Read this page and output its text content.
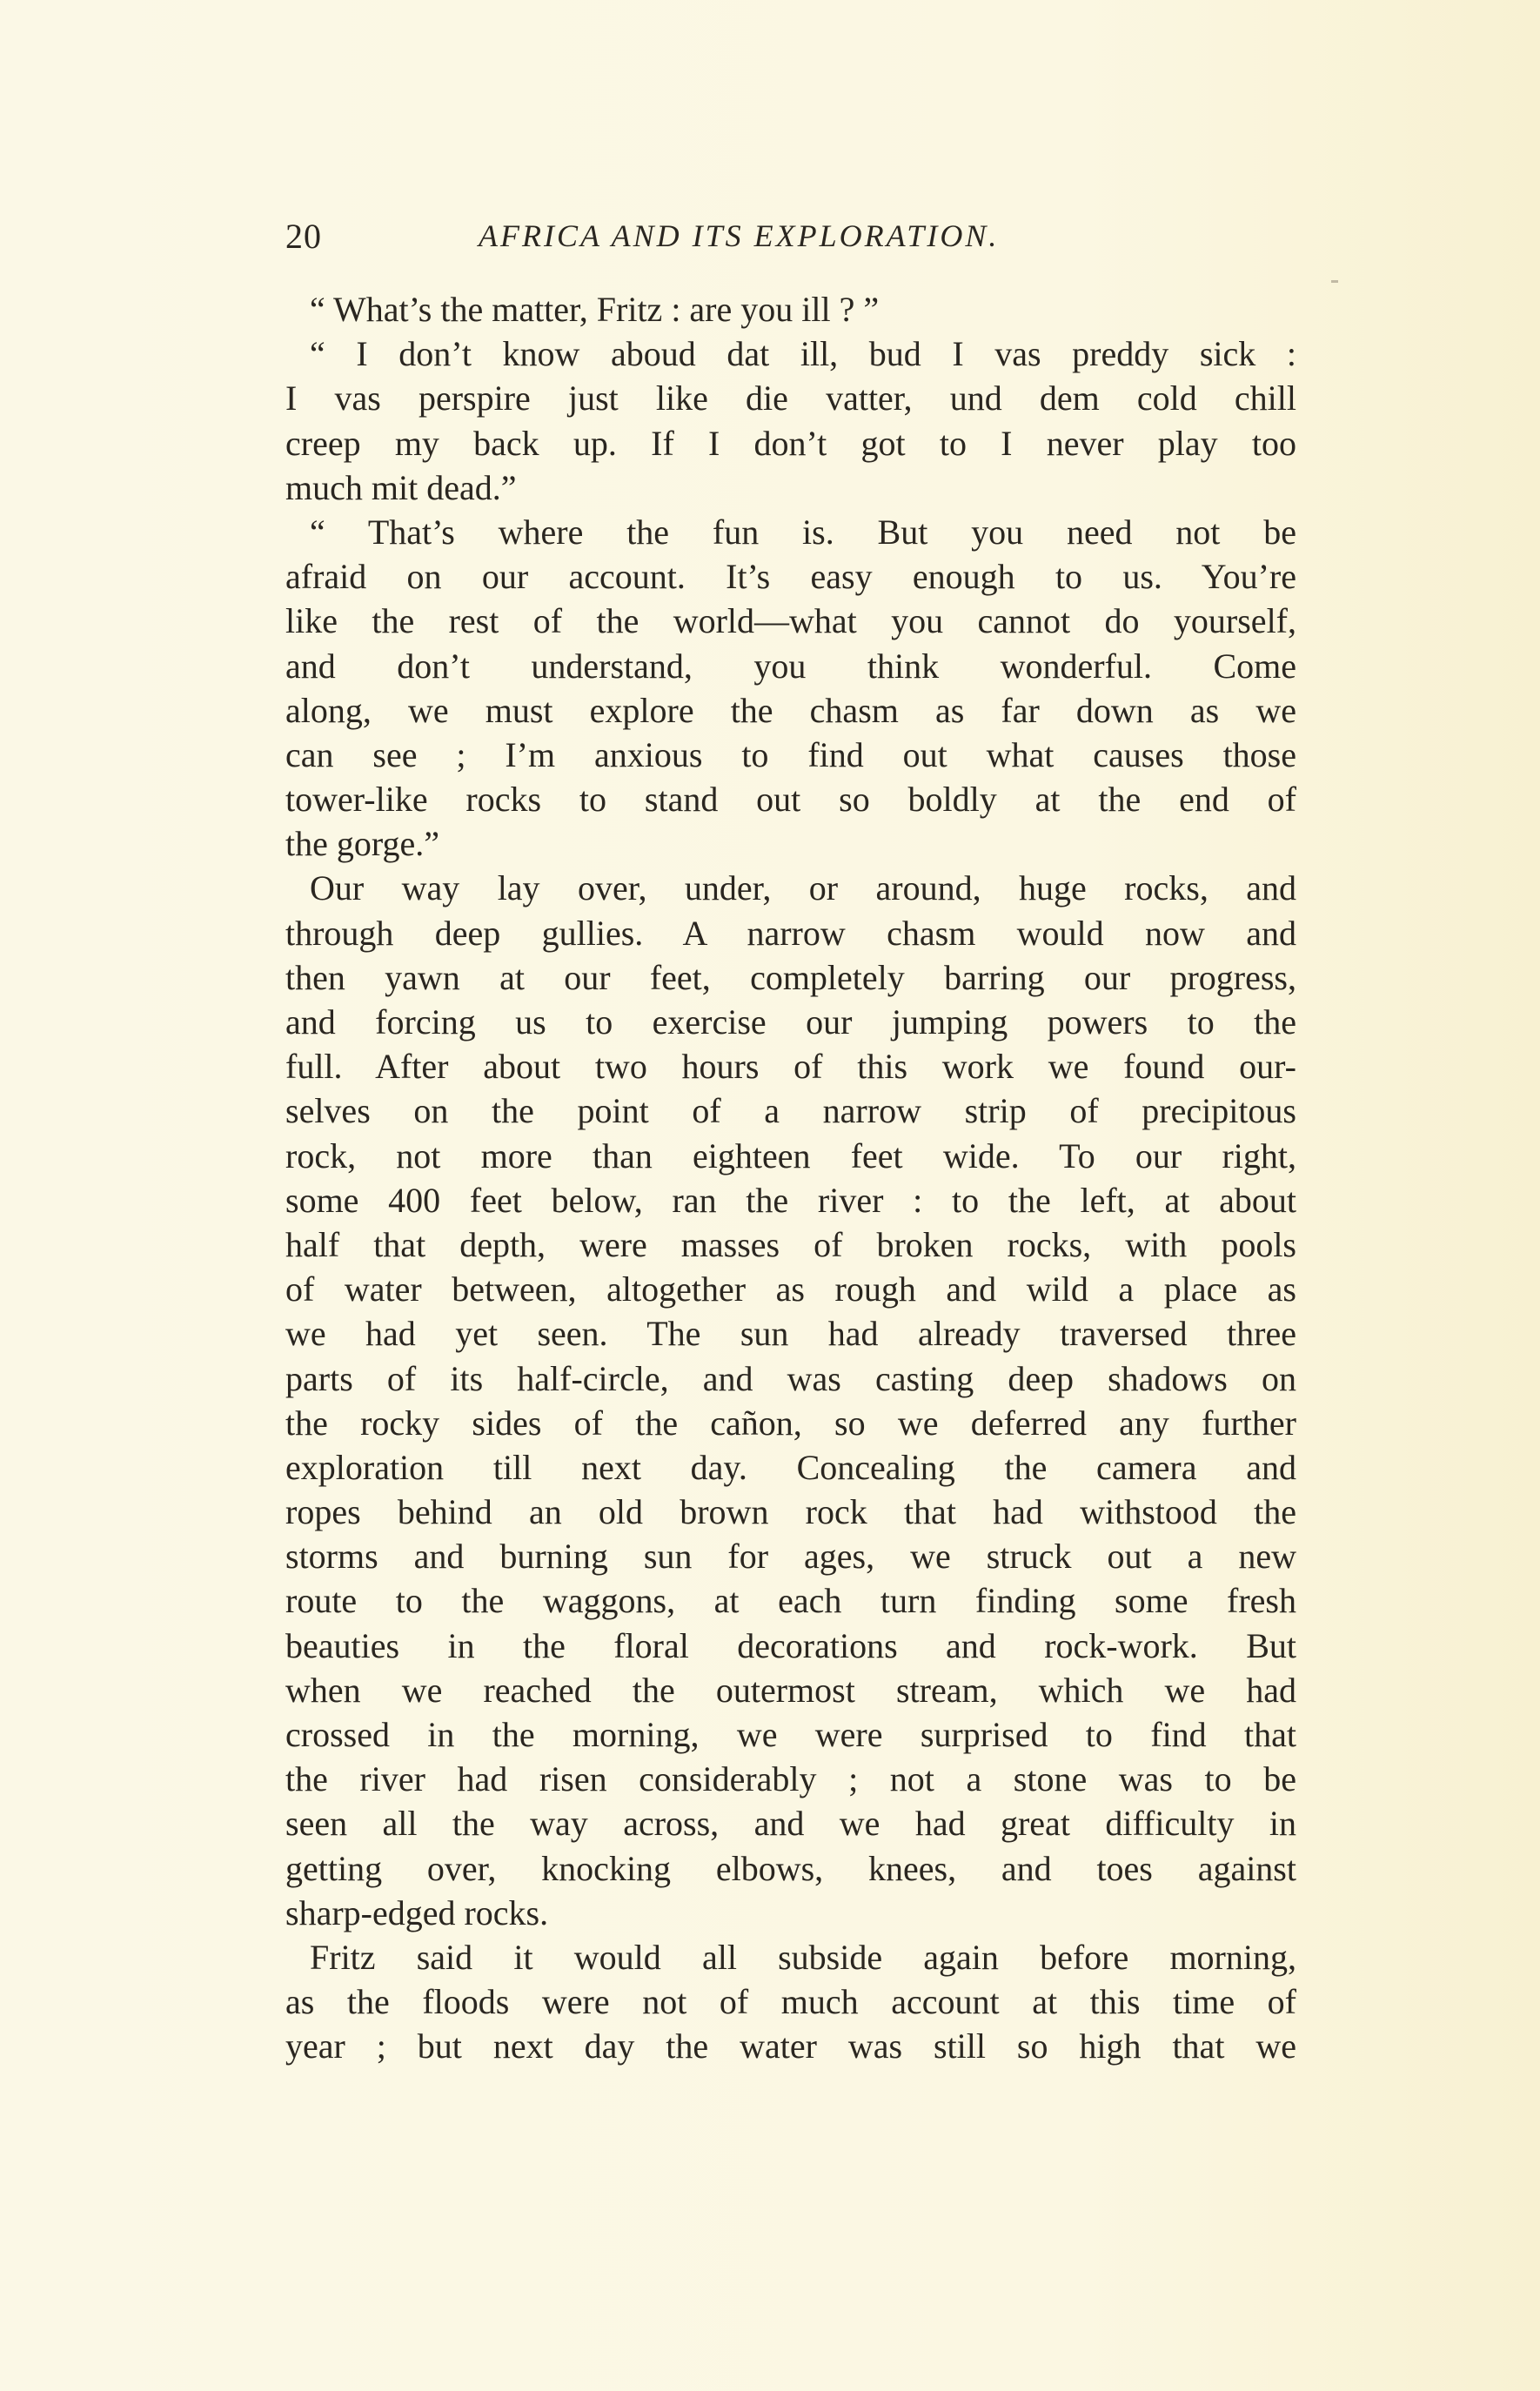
20	AFRICA AND ITS EXPLORATION.
“ What’s the matter, Fritz : are you ill ? ”
“ I don’t know aboud dat ill, bud I vas preddy sick :
I vas perspire just like die vatter, und dem cold chill
creep my back up. If I don’t got to I never play too
much mit dead.”
“ That’s where the fun is. But you need not be
afraid on our account. It’s easy enough to us. You’re
like the rest of the world—what you cannot do yourself,
and don’t understand, you think wonderful. Come
along, we must explore the chasm as far down as we
can see ; I’m anxious to find out what causes those
tower-like rocks to stand out so boldly at the end of
the gorge.”
Our way lay over, under, or around, huge rocks, and
through deep gullies. A narrow chasm would now and
then yawn at our feet, completely barring our progress,
and forcing us to exercise our jumping powers to the
full. After about two hours of this work we found our-
selves on the point of a narrow strip of precipitous
rock, not more than eighteen feet wide. To our right,
some 400 feet below, ran the river : to the left, at about
half that depth, were masses of broken rocks, with pools
of water between, altogether as rough and wild a place as
we had yet seen. The sun had already traversed three
parts of its half-circle, and was casting deep shadows on
the rocky sides of the cañon, so we deferred any further
exploration till next day. Concealing the camera and
ropes behind an old brown rock that had withstood the
storms and burning sun for ages, we struck out a new
route to the waggons, at each turn finding some fresh
beauties in the floral decorations and rock-work. But
when we reached the outermost stream, which we had
crossed in the morning, we were surprised to find that
the river had risen considerably ; not a stone was to be
seen all the way across, and we had great difficulty in
getting over, knocking elbows, knees, and toes against
sharp-edged rocks.
Fritz said it would all subside again before morning,
as the floods were not of much account at this time of
year ; but next day the water was still so high that we
